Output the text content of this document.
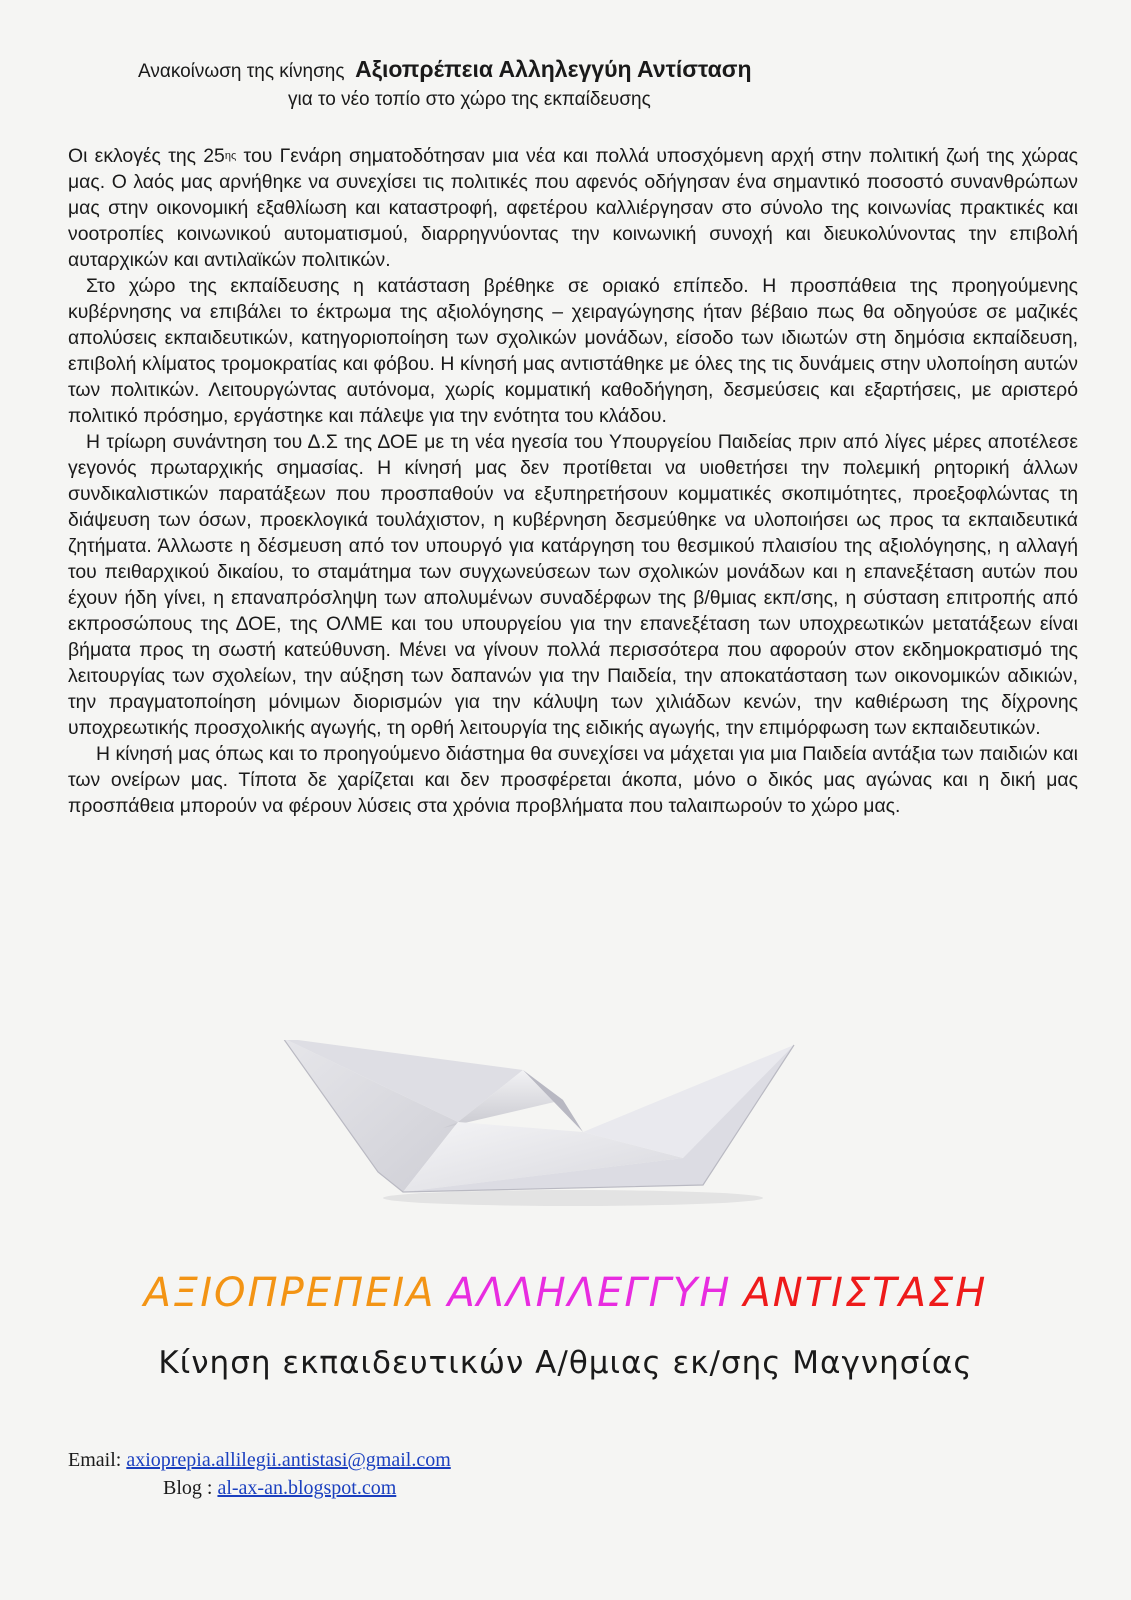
Ανακοίνωση της κίνησης Αξιοπρέπεια Αλληλεγγύη Αντίσταση
για το νέο τοπίο στο χώρο της εκπαίδευσης

Οι εκλογές της $25^{\eta\varsigma}$ του Γενάρη σηματοδότησαν μια νέα και πολλά υποσχόμενη αρχή στην πολιτική ζωή της χώρας μας. Ο λαός μας αρνήθηκε να συνεχίσει τις πολιτικές που αφενός οδήγησαν ένα σημαντικό ποσοστό συνανθρώπων μας στην οικονομική εξαθλίωση και καταστροφή, αφετέρου καλλιέργησαν στο σύνολο της κοινωνίας πρακτικές και νοοτροπίες κοινωνικού αυτοματισμού, διαρρηγνύοντας την κοινωνική συνοχή και διευκολύνοντας την επιβολή αυταρχικών και αντιλαϊκών πολιτικών.

Στο χώρο της εκπαίδευσης η κατάσταση βρέθηκε σε οριακό επίπεδο. Η προσπάθεια της προηγούμενης κυβέρνησης να επιβάλει το έκτρωμα της αξιολόγησης – χειραγώγησης ήταν βέβαιο πως θα οδηγούσε σε μαζικές απολύσεις εκπαιδευτικών, κατηγοριοποίηση των σχολικών μονάδων, είσοδο των ιδιωτών στη δημόσια εκπαίδευση, επιβολή κλίματος τρομοκρατίας και φόβου. Η κίνησή μας αντιστάθηκε με όλες της τις δυνάμεις στην υλοποίηση αυτών των πολιτικών. Λειτουργώντας αυτόνομα, χωρίς κομματική καθοδήγηση, δεσμεύσεις και εξαρτήσεις, με αριστερό πολιτικό πρόσημο, εργάστηκε και πάλεψε για την ενότητα του κλάδου.

Η τρίωρη συνάντηση του Δ.Σ της ΔΟΕ με τη νέα ηγεσία του Υπουργείου Παιδείας πριν από λίγες μέρες αποτέλεσε γεγονός πρωταρχικής σημασίας. Η κίνησή μας δεν προτίθεται να υιοθετήσει την πολεμική ρητορική άλλων συνδικαλιστικών παρατάξεων που προσπαθούν να εξυπηρετήσουν κομματικές σκοπιμότητες, προεξοφλώντας τη διάψευση των όσων, προεκλογικά τουλάχιστον, η κυβέρνηση δεσμεύθηκε να υλοποιήσει ως προς τα εκπαιδευτικά ζητήματα. Άλλωστε η δέσμευση από τον υπουργό για κατάργηση του θεσμικού πλαισίου της αξιολόγησης, η αλλαγή του πειθαρχικού δικαίου, το σταμάτημα των συγχωνεύσεων των σχολικών μονάδων και η επανεξέταση αυτών που έχουν ήδη γίνει, η επαναπρόσληψη των απολυμένων συναδέρφων της β/θμιας εκπ/σης, η σύσταση επιτροπής από εκπροσώπους της ΔΟΕ, της ΟΛΜΕ και του υπουργείου για την επανεξέταση των υποχρεωτικών μετατάξεων είναι βήματα προς τη σωστή κατεύθυνση. Μένει να γίνουν πολλά περισσότερα που αφορούν στον εκδημοκρατισμό της λειτουργίας των σχολείων, την αύξηση των δαπανών για την Παιδεία, την αποκατάσταση των οικονομικών αδικιών, την πραγματοποίηση μόνιμων διορισμών για την κάλυψη των χιλιάδων κενών, την καθιέρωση της δίχρονης υποχρεωτικής προσχολικής αγωγής, τη ορθή λειτουργία της ειδικής αγωγής, την επιμόρφωση των εκπαιδευτικών.

Η κίνησή μας όπως και το προηγούμενο διάστημα θα συνεχίσει να μάχεται για μια Παιδεία αντάξια των παιδιών και των ονείρων μας. Τίποτα δε χαρίζεται και δεν προσφέρεται άκοπα, μόνο ο δικός μας αγώνας και η δική μας προσπάθεια μπορούν να φέρουν λύσεις στα χρόνια προβλήματα που ταλαιπωρούν το χώρο μας.

ΑΞΙΟΠΡΕΠΕΙΑ ΑΛΛΗΛΕΓΓΥΗ ΑΝΤΙΣΤΑΣΗ
Κίνηση εκπαιδευτικών Α/θμιας εκ/σης Μαγνησίας
Email: axioprepia.allilegii.antistasi@gmail.com
Blog : al-ax-an.blogspot.com
